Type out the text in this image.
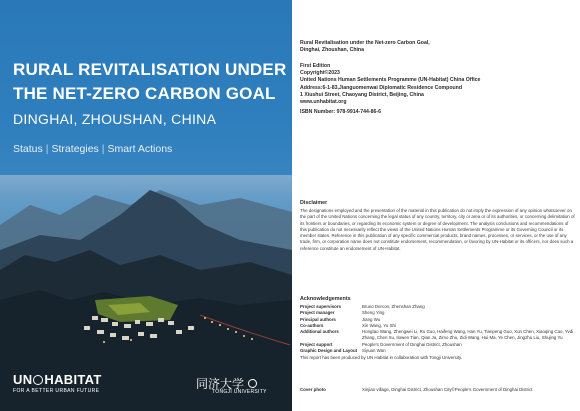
RURAL REVITALISATION UNDER
THE NET-ZERO CARBON GOAL
DINGHAI, ZHOUSHAN, CHINA
Status | Strategies | Smart Actions
UN HABITAT
FOR A BETTER URBAN FUTURE	同济大学
TONGJI UNIVERSITY
Rural Revitalisation under the Net-zero Carbon Goal,
Dinghai, Zhoushan, China
First Edition
Copyright©2023
United Nations Human Settlements Programme (UN-Habitat) China Office
Address:6-1-83,Jianguomenwai Diplomatic Residence Compound
1 Xiushui Street, Chaoyang District, Beijing, China
www.unhabitat.org
ISBN Number: 978-9914-744-86-6
Disclaimer

The designations employed and the presentation of the material in this publication do not imply the expression of any opinion whatsoever on the part of the United Nations concerning the legal status of any country, territory, city or area or of its authorities, or concerning delimitation of its frontiers or boundaries, or regarding its economic system or degree of development. The analysis conclusions and recommendations of this publication do not necessarily reflect the views of the United Nations Human Settlements Programme or its Governing Council or its member states. Reference in this publication of any specific commercial products, brand names, processes, or services, or the use of any trade, firm, or corporation name does not constitute endorsement, recommendation, or favoring by UN-Habitat or its officers, nor does such a reference constitute an endorsement of UN-Habitat.

Acknowledgements
Project supervisors	Bruno Dercon, Zhenshan Zhang
Project manager	Sheng Ying
Principal authors	Jiang Wu
Co-authors	Xin Wang, Yu Shi
Additional authors	Hongtao Wang, Zhengwei Li, Ru Guo, Haifeng Wang, Han Yu, Tianpeng Guo, Xun Chen, Xiaoqing Cao, Yvdi Zhang, Chen Xu, Ilowen Tian, Qian Ja, Zimo Zhu, Zidi Wang, Hui Ma, Ye Chen, Jingzhu Liu, Shujing Yu
Project support	People's Government of Dinghai District, Zhoushan
Graphic Design and Layout	Siyuan Wan
This report has been produced by UN Habitat in collaboration with Tongji University.
Cover photo	Xinjian village, Dinghai District, Zhoushan City©People's Government of Dinghai District
